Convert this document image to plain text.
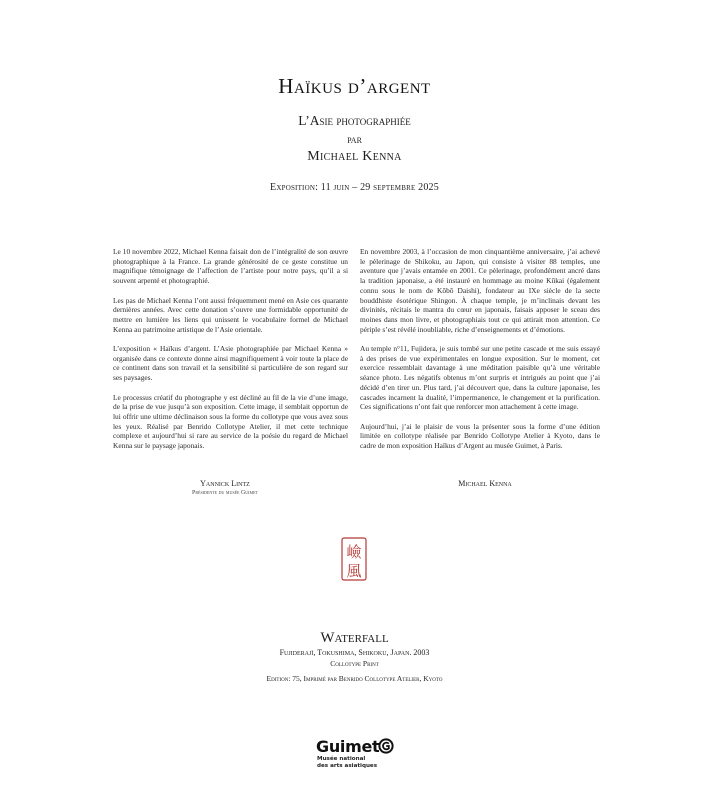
Haïkus d’argent
L’Asie photographiée
par
Michael Kenna
Exposition: 11 juin – 29 septembre 2025

Le 10 novembre 2022, Michael Kenna faisait don de l’intégralité de son œuvre photographique à la France. La grande générosité de ce geste constitue un magnifique témoignage de l’affection de l’artiste pour notre pays, qu’il a si souvent arpenté et photographié.

Les pas de Michael Kenna l’ont aussi fréquemment mené en Asie ces quarante dernières années. Avec cette donation s’ouvre une formidable opportunité de mettre en lumière les liens qui unissent le vocabulaire formel de Michael Kenna au patrimoine artistique de l’Asie orientale.

L’exposition « Haïkus d’argent. L’Asie photographiée par Michael Kenna » organisée dans ce contexte donne ainsi magnifiquement à voir toute la place de ce continent dans son travail et la sensibilité si particulière de son regard sur ses paysages.

Le processus créatif du photographe y est décliné au fil de la vie d’une image, de la prise de vue jusqu’à son exposition. Cette image, il semblait opportun de lui offrir une ultime déclinaison sous la forme du collotype que vous avez sous les yeux. Réalisé par Benrido Collotype Atelier, il met cette technique complexe et aujourd’hui si rare au service de la poésie du regard de Michael Kenna sur le paysage japonais.

En novembre 2003, à l’occasion de mon cinquantième anniversaire, j’ai achevé le pèlerinage de Shikoku, au Japon, qui consiste à visiter 88 temples, une aventure que j’avais entamée en 2001. Ce pèlerinage, profondément ancré dans la tradition japonaise, a été instauré en hommage au moine Kūkai (également connu sous le nom de Kōbō Daishi), fondateur au IXe siècle de la secte bouddhiste ésotérique Shingon. À chaque temple, je m’inclinais devant les divinités, récitais le mantra du cœur en japonais, faisais apposer le sceau des moines dans mon livre, et photographiais tout ce qui attirait mon attention. Ce périple s’est révélé inoubliable, riche d’enseignements et d’émotions.

Au temple n°11, Fujidera, je suis tombé sur une petite cascade et me suis essayé à des prises de vue expérimentales en longue exposition. Sur le moment, cet exercice ressemblait davantage à une méditation paisible qu’à une véritable séance photo. Les négatifs obtenus m’ont surpris et intrigués au point que j’ai décidé d’en tirer un. Plus tard, j’ai découvert que, dans la culture japonaise, les cascades incarnent la dualité, l’impermanence, le changement et la purification. Ces significations n’ont fait que renforcer mon attachement à cette image.

Aujourd’hui, j’ai le plaisir de vous la présenter sous la forme d’une édition limitée en collotype réalisée par Benrido Collotype Atelier à Kyoto, dans le cadre de mon exposition Haïkus d’Argent au musée Guimet, à Paris.

Yannick Lintz
Présidente du musée Guimet
Michael Kenna
嶮
風
Waterfall
Fujiderajī, Tokushima, Shikoku, Japan. 2003
Collotype Print
Edition: 75, Imprimé par Benrido Collotype Atelier, Kyoto
Guimet
Musée national
des arts asiatiques
